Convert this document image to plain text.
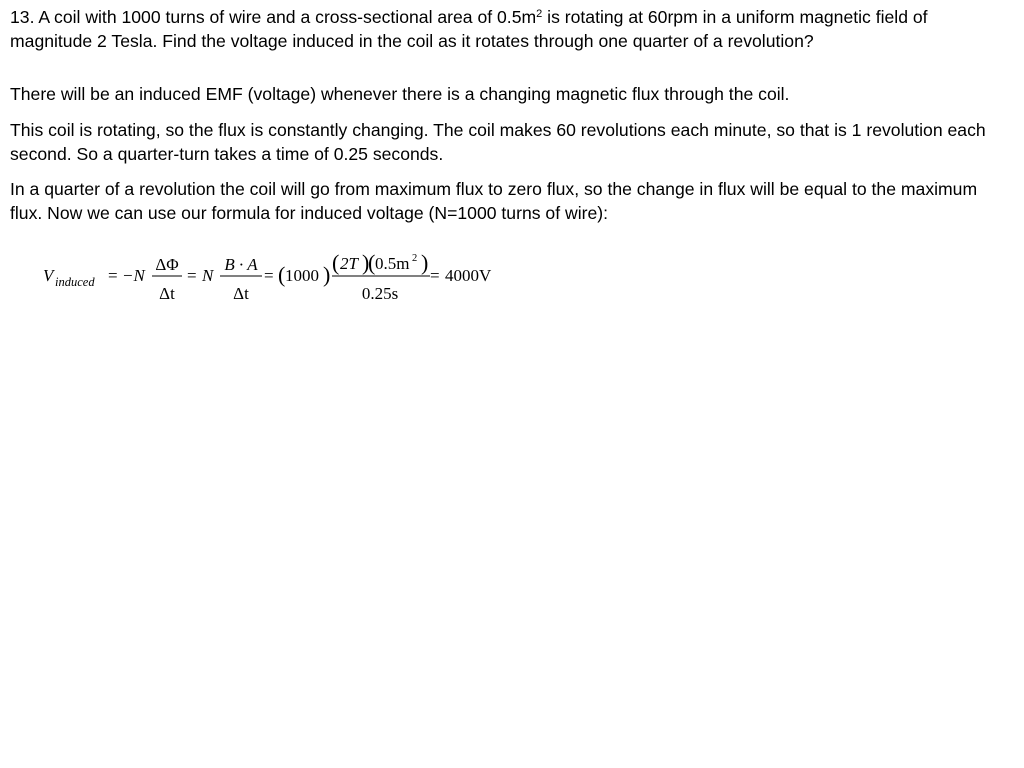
13. A coil with 1000 turns of wire and a cross-sectional area of $0.5m^2$ is rotating at 60rpm in a uniform magnetic field of magnitude 2 Tesla. Find the voltage induced in the coil as it rotates through one quarter of a revolution?

There will be an induced EMF (voltage) whenever there is a changing magnetic flux through the coil.

This coil is rotating, so the flux is constantly changing. The coil makes 60 revolutions each minute, so that is 1 revolution each second. So a quarter-turn takes a time of 0.25 seconds.

In a quarter of a revolution the coil will go from maximum flux to zero flux, so the change in flux will be equal to the maximum flux. Now we can use our formula for induced voltage (N=1000 turns of wire):

V induced = −N
ΔΦ
Δt
= N
B · A
Δt
= ( 1000 ) ( 2T )
( 0.5m 2 )
0.25s
= 4000V
